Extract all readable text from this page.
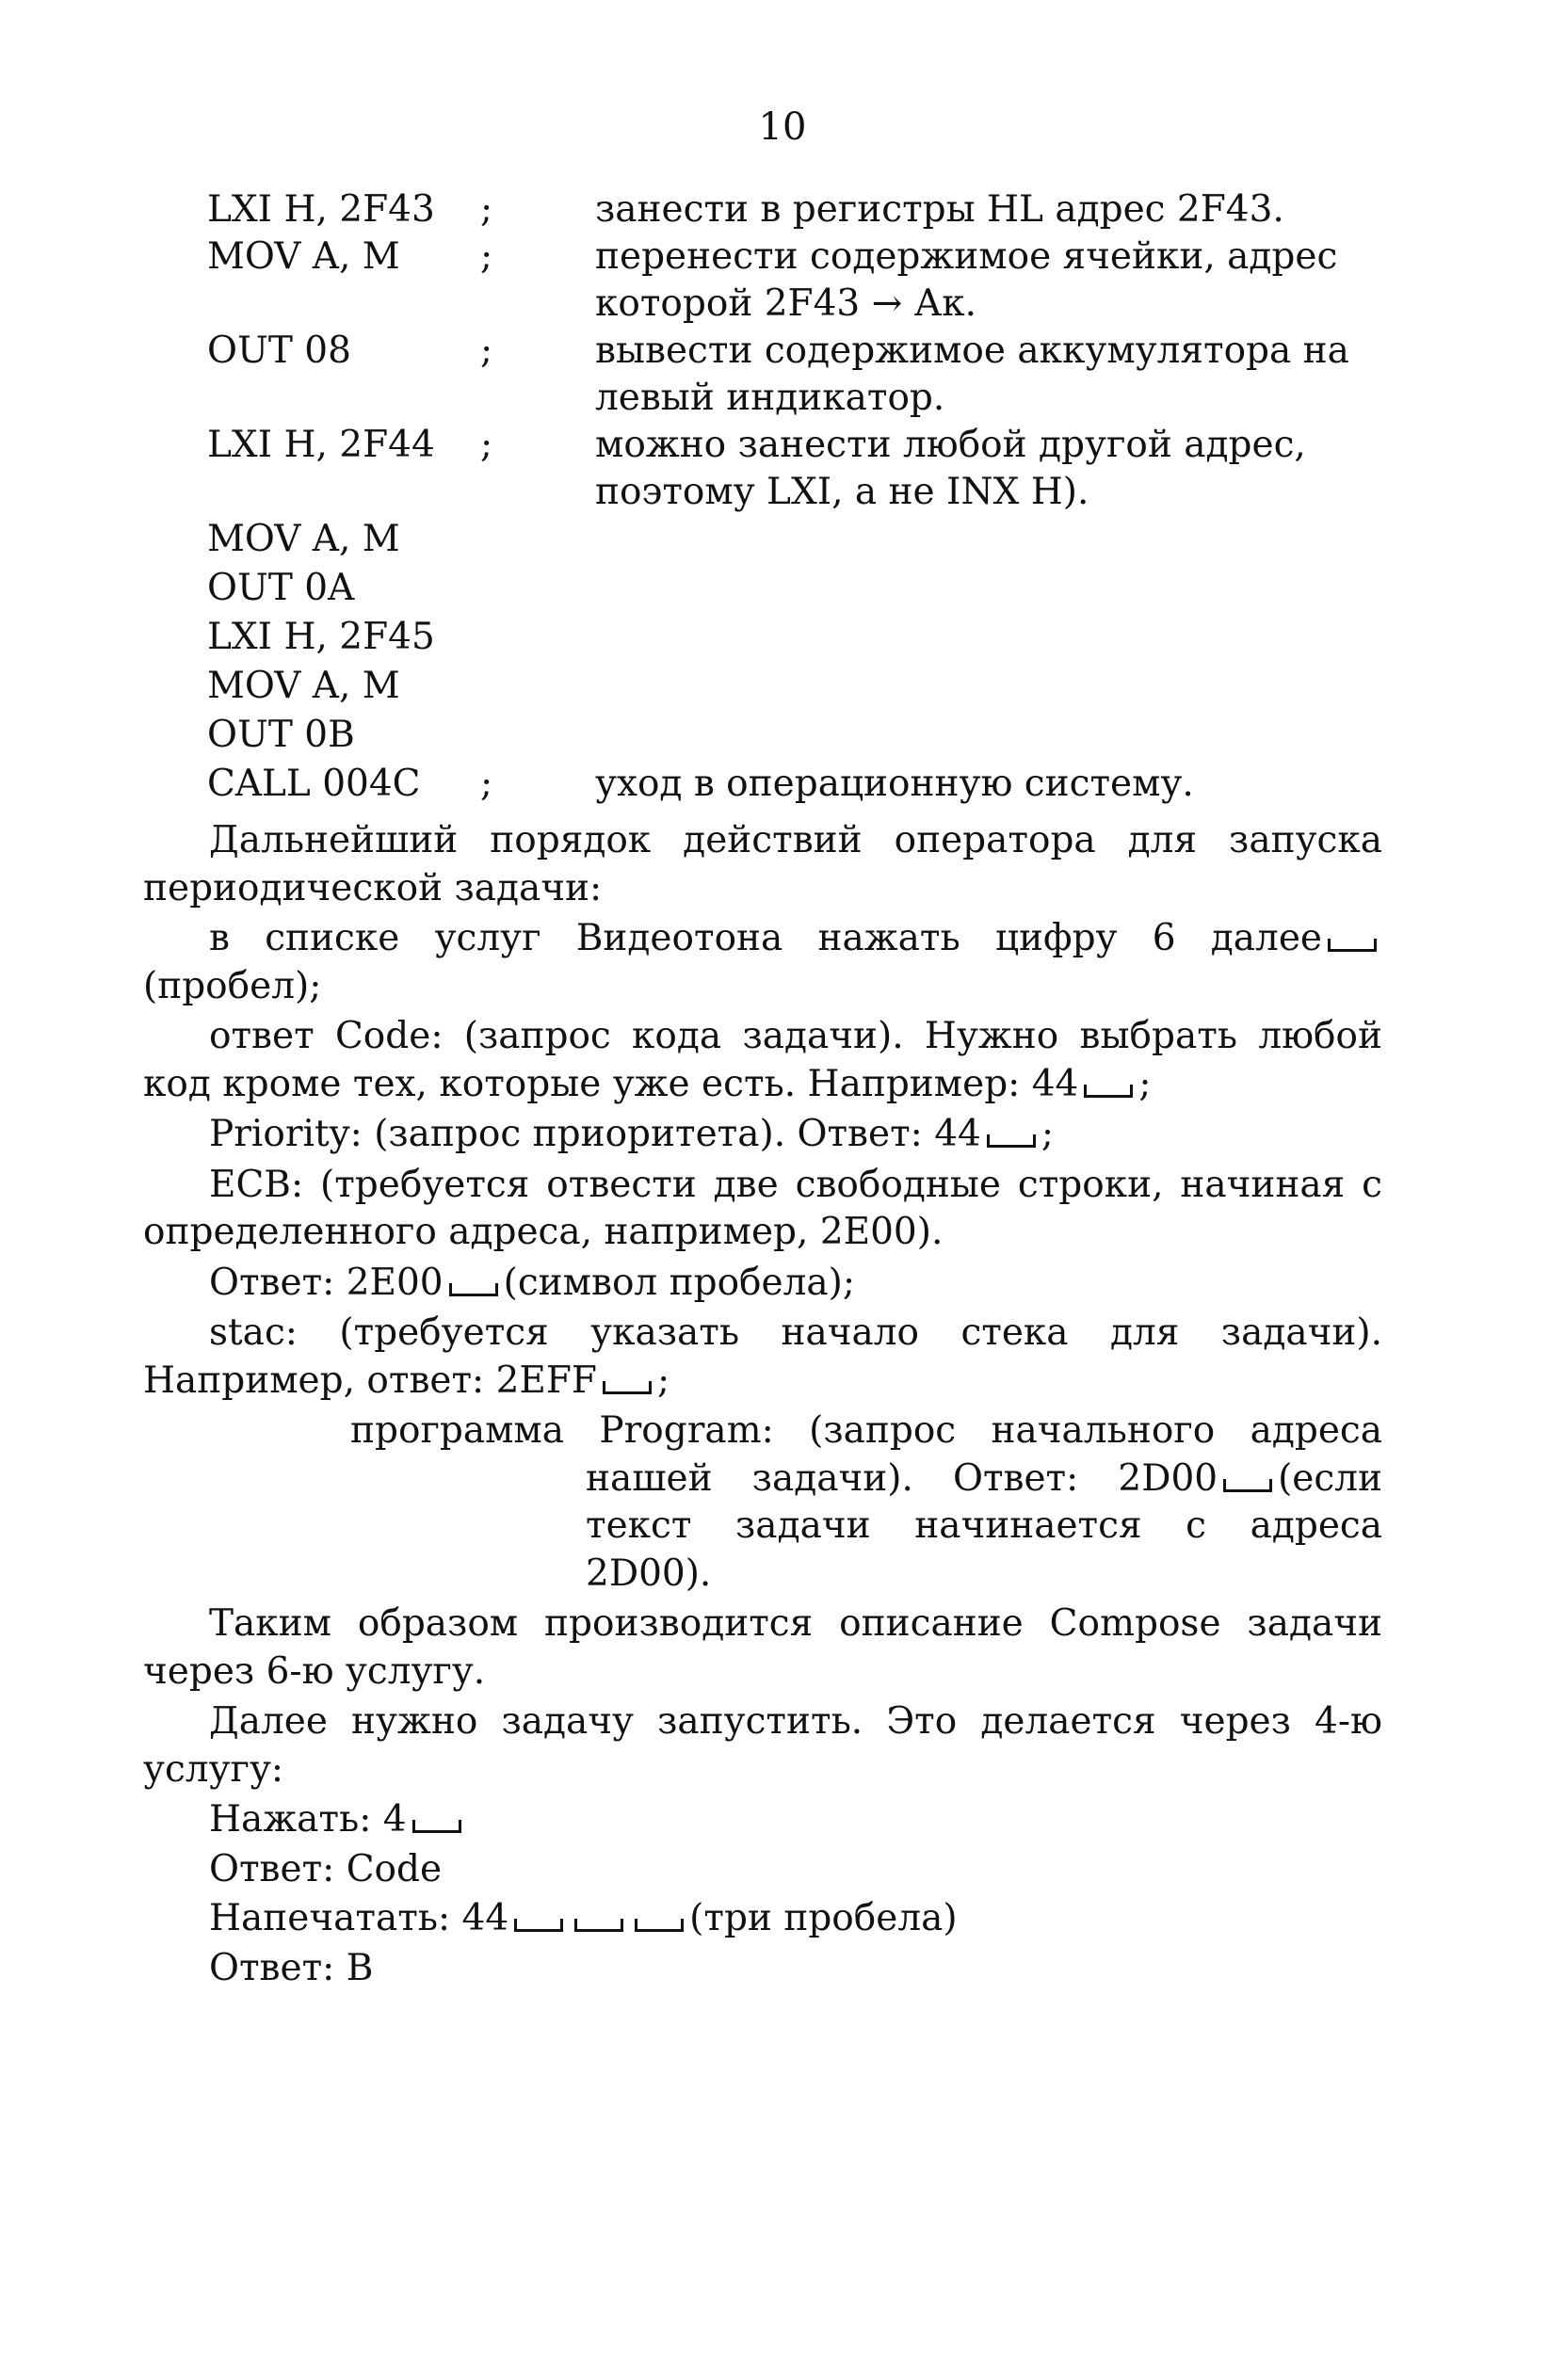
10
LXI H, 2F43 ;	занести в регистры HL адрес 2F43.
MOV A, M ;	перенести содержимое ячейки, адрес которой 2F43 → Ак.
OUT 08	;	вывести содержимое аккумулятора на левый индикатор.
LXI H, 2F44 ;	можно занести любой другой адрес, поэтому LXI, а не INX H).
MOV A, M
OUT 0A
LXI H, 2F45
MOV A, M
OUT 0B
CALL 004C ;	уход в операционную систему.

Дальнейший порядок действий оператора для запуска периодической задачи:

в списке услуг Видеотона нажать цифру 6 далее(пробел);

ответ Code: (запрос кода задачи). Нужно выбрать любой код кроме тех, которые уже есть. Например: 44 ;

Priority: (запрос приоритета). Ответ: 44 ;

ECB: (требуется отвести две свободные строки, начиная с определенного адреса, например, 2E00).

Ответ: 2E00 (символ пробела);

stac: (требуется указать начало стека для задачи). Например, ответ: 2EFF ;

программа Program: (запрос начального адреса нашей задачи). Ответ: 2D00 (если текст задачи начинается с адреса 2D00).

Таким образом производится описание Compose задачи через 6-ю услугу.

Далее нужно задачу запустить. Это делается через 4-ю услугу:

Нажать: 4
Ответ: Code
Напечатать: 44	(три пробела)
Ответ: B
